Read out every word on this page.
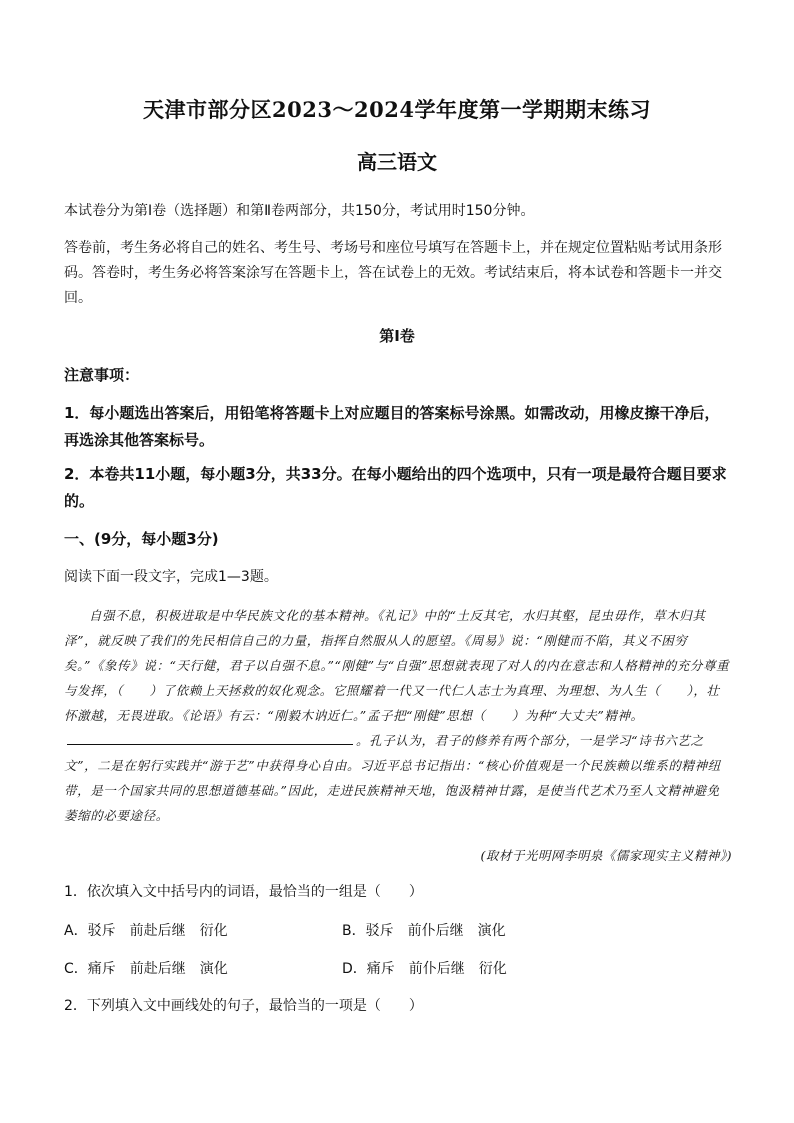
天津市部分区2023～2024学年度第一学期期末练习
高三语文
本试卷分为第Ⅰ卷（选择题）和第Ⅱ卷两部分，共150分，考试用时150分钟。
答卷前，考生务必将自己的姓名、考生号、考场号和座位号填写在答题卡上，并在规定位置粘贴考试用条形码。答卷时，考生务必将答案涂写在答题卡上，答在试卷上的无效。考试结束后，将本试卷和答题卡一并交回。
第Ⅰ卷
注意事项：
1．每小题选出答案后，用铅笔将答题卡上对应题目的答案标号涂黑。如需改动，用橡皮擦干净后，再选涂其他答案标号。
2．本卷共11小题，每小题3分，共33分。在每小题给出的四个选项中，只有一项是最符合题目要求的。
一、(9分，每小题3分)
阅读下面一段文字，完成1—3题。
自强不息，积极进取是中华民族文化的基本精神。《礼记》中的“土反其宅，水归其壑，昆虫毋作，草木归其泽”，就反映了我们的先民相信自己的力量，指挥自然服从人的愿望。《周易》说：“刚健而不陷，其义不困穷矣。”《象传》说：“天行健，君子以自强不息。”“刚健”与“自强”思想就表现了对人的内在意志和人格精神的充分尊重与发挥，（　　）了依赖上天拯救的奴化观念。它照耀着一代又一代仁人志士为真理、为理想、为人生（　　），壮怀激越，无畏进取。《论语》有云：“刚毅木讷近仁。”孟子把“刚健”思想（　　）为种“大丈夫”精神。。孔子认为，君子的修养有两个部分，一是学习“诗书六艺之文”，二是在躬行实践并“游于艺”中获得身心自由。习近平总书记指出：“核心价值观是一个民族赖以维系的精神纽带，是一个国家共同的思想道德基础。”因此，走进民族精神天地，饱汲精神甘露，是使当代艺术乃至人文精神避免萎缩的必要途径。
(取材于光明网李明泉《儒家现实主义精神》)
1．依次填入文中括号内的词语，最恰当的一组是（　　）
A．驳斥　前赴后继　衍化	B．驳斥　前仆后继　演化
C．痛斥　前赴后继　演化	D．痛斥　前仆后继　衍化
2．下列填入文中画线处的句子，最恰当的一项是（　　）
